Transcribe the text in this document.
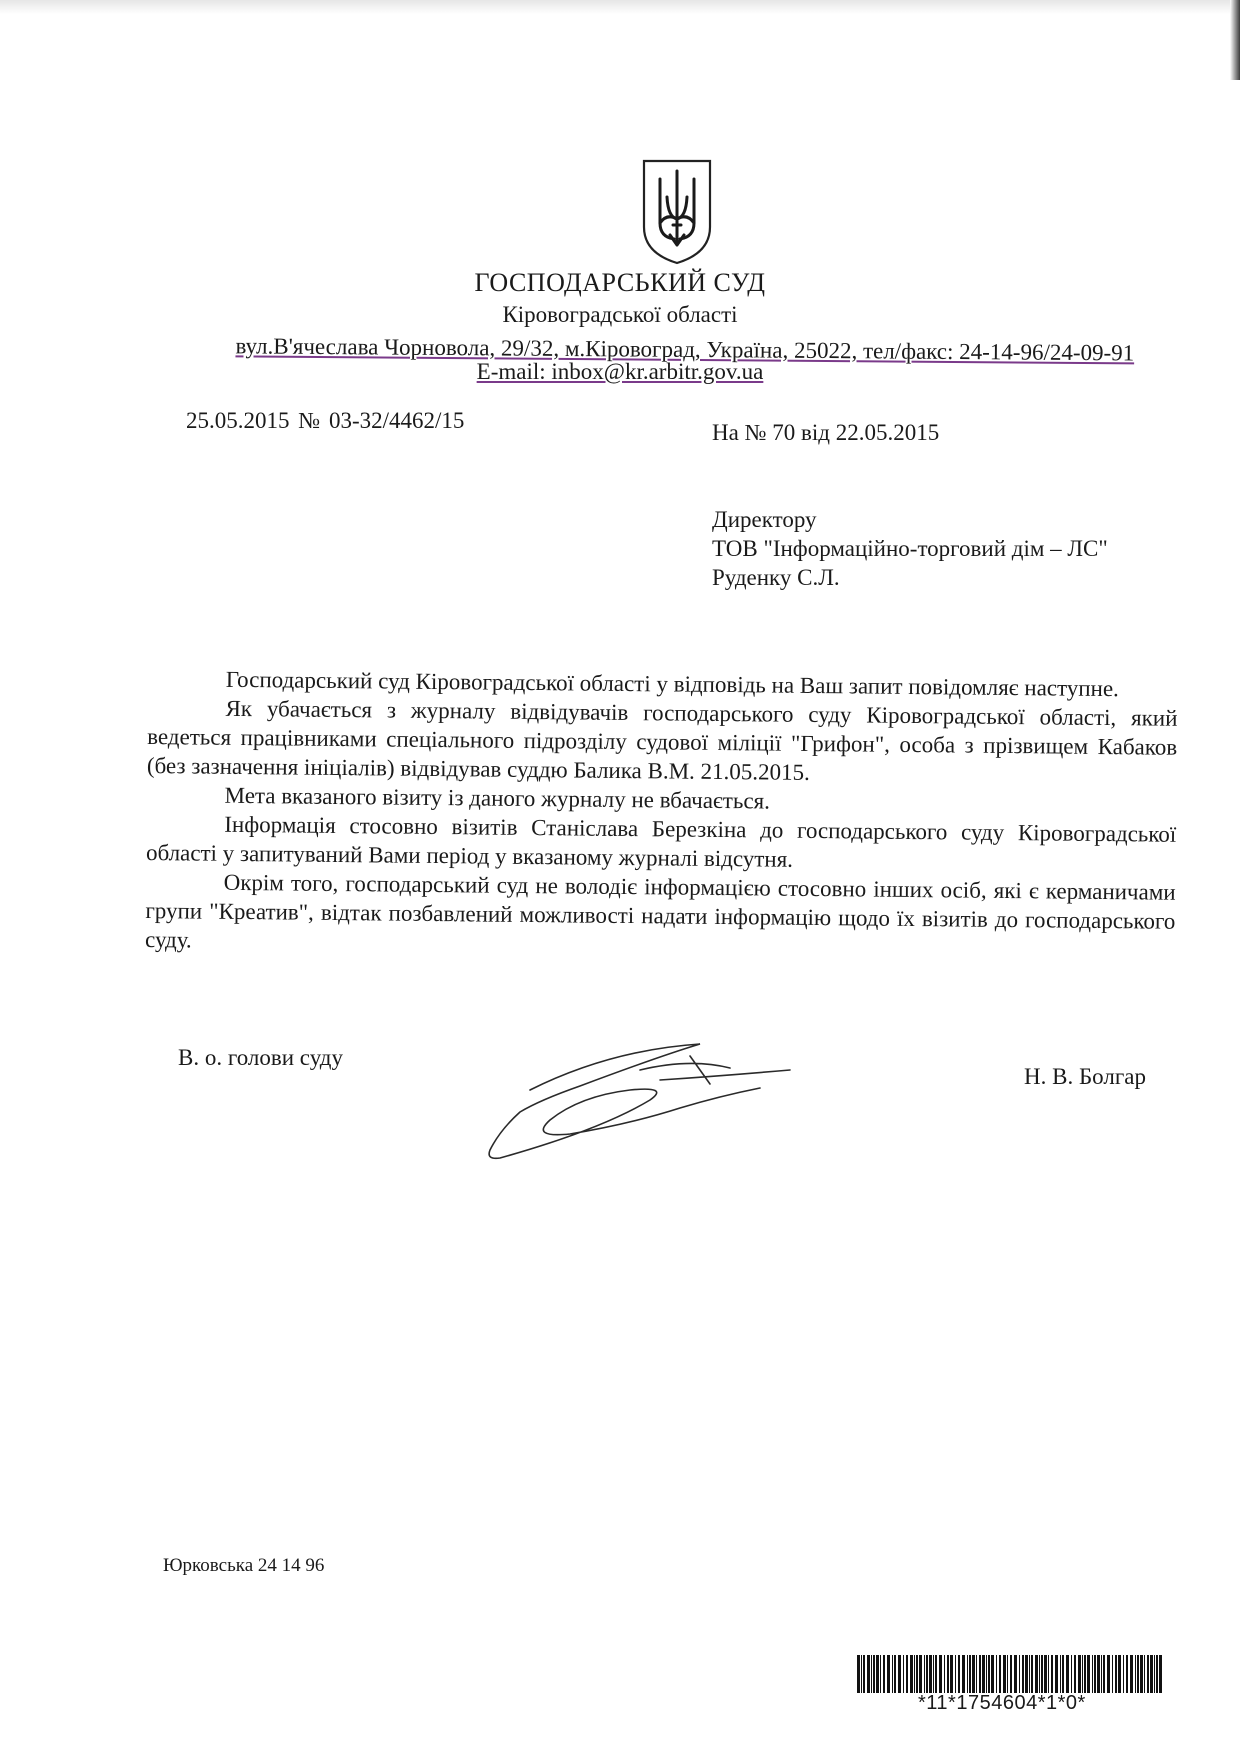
ГОСПОДАРСЬКИЙ СУД
Кіровоградської області
вул.В'ячеслава Чорновола, 29/32, м.Кіровоград, Україна, 25022, тел/факс: 24-14-96/24-09-91
E-mail: inbox@kr.arbitr.gov.ua
25.05.2015 № 03-32/4462/15	На № 70 від 22.05.2015
Директору
ТОВ "Інформаційно-торговий дім – ЛС"
Руденку С.Л.

Господарський суд Кіровоградської області у відповідь на Ваш запит повідомляє наступне.

Як убачається з журналу відвідувачів господарського суду Кіровоградської області, який ведеться працівниками спеціального підрозділу судової міліції "Грифон", особа з прізвищем Кабаков (без зазначення ініціалів) відвідував суддю Балика В.М. 21.05.2015.

Мета вказаного візиту із даного журналу не вбачається.

Інформація стосовно візитів Станіслава Березкіна до господарського суду Кіровоградської області у запитуваний Вами період у вказаному журналі відсутня.

Окрім того, господарський суд не володіє інформацією стосовно інших осіб, які є керманичами групи "Креатив", відтак позбавлений можливості надати інформацію щодо їх візитів до господарського суду.

В. о. голови суду
Н. В. Болгар
Юрковська 24 14 96
*11*1754604*1*0*
